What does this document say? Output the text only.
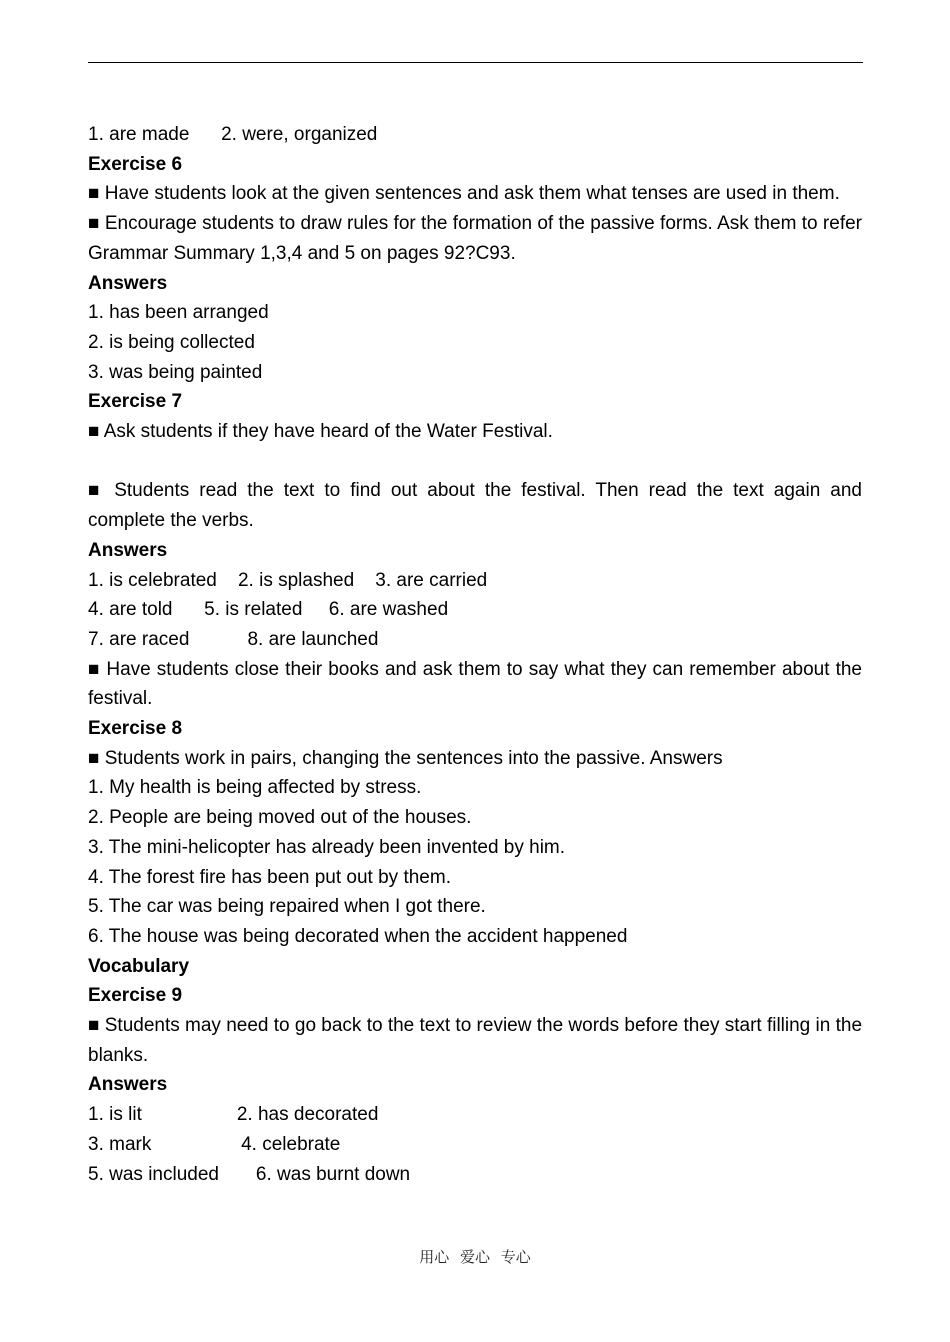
1. are made      2. were, organized
Exercise 6
■ Have students look at the given sentences and ask them what tenses are used in them.
■ Encourage students to draw rules for the formation of the passive forms. Ask them to refer Grammar Summary 1,3,4 and 5 on pages 92?C93.
Answers
1. has been arranged
2. is being collected
3. was being painted
Exercise 7
■ Ask students if they have heard of the Water Festival.
■ Students read the text to find out about the festival. Then read the text again and complete the verbs.
Answers
1. is celebrated    2. is splashed    3. are carried
4. are told      5. is related     6. are washed
7. are raced           8. are launched
■ Have students close their books and ask them to say what they can remember about the festival.
Exercise 8
■ Students work in pairs, changing the sentences into the passive. Answers
1. My health is being affected by stress.
2. People are being moved out of the houses.
3. The mini-helicopter has already been invented by him.
4. The forest fire has been put out by them.
5. The car was being repaired when I got there.
6. The house was being decorated when the accident happened
Vocabulary
Exercise 9
■ Students may need to go back to the text to review the words before they start filling in the blanks.
Answers
1. is lit                  2. has decorated
3. mark                 4. celebrate
5. was included       6. was burnt down
用心 爱心 专心
